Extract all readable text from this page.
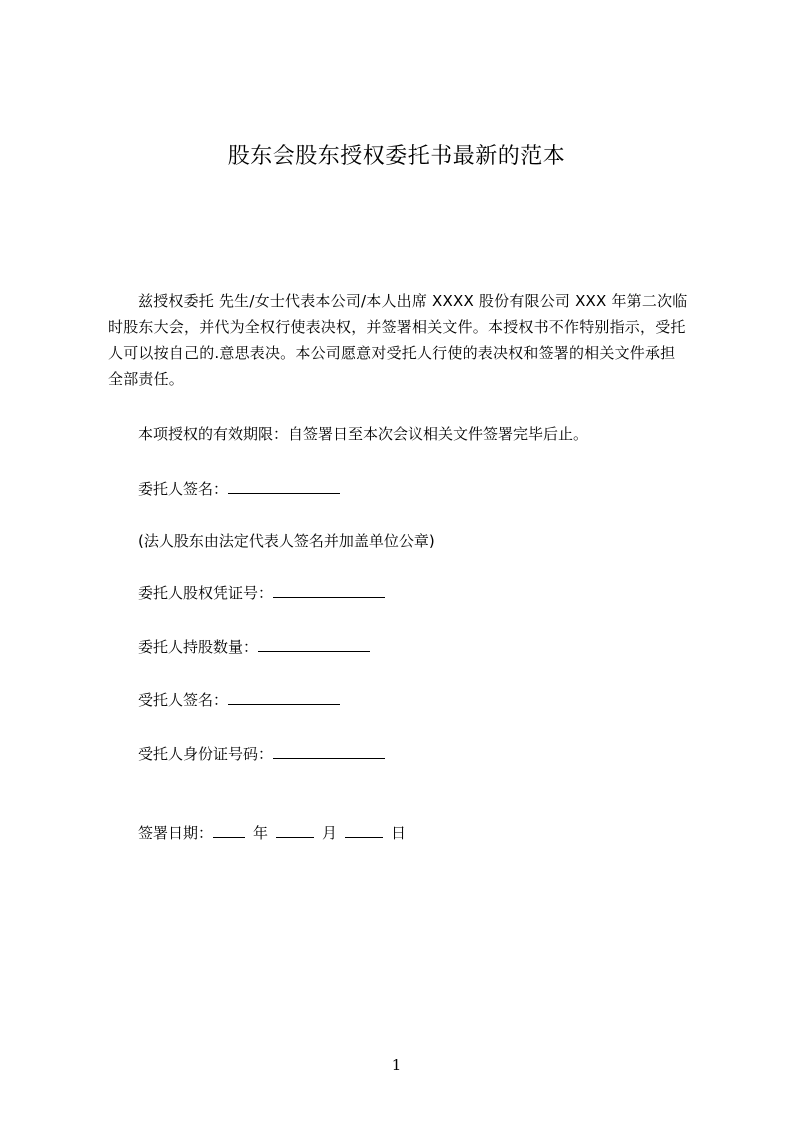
股东会股东授权委托书最新的范本
兹授权委托 先生/女士代表本公司/本人出席 XXXX 股份有限公司 XXX 年第二次临时股东大会，并代为全权行使表决权，并签署相关文件。本授权书不作特别指示，受托人可以按自己的.意思表决。本公司愿意对受托人行使的表决权和签署的相关文件承担全部责任。
本项授权的有效期限：自签署日至本次会议相关文件签署完毕后止。
委托人签名：
(法人股东由法定代表人签名并加盖单位公章)
委托人股权凭证号：
委托人持股数量：
受托人签名：
受托人身份证号码：
签署日期：	年	月	日
1
